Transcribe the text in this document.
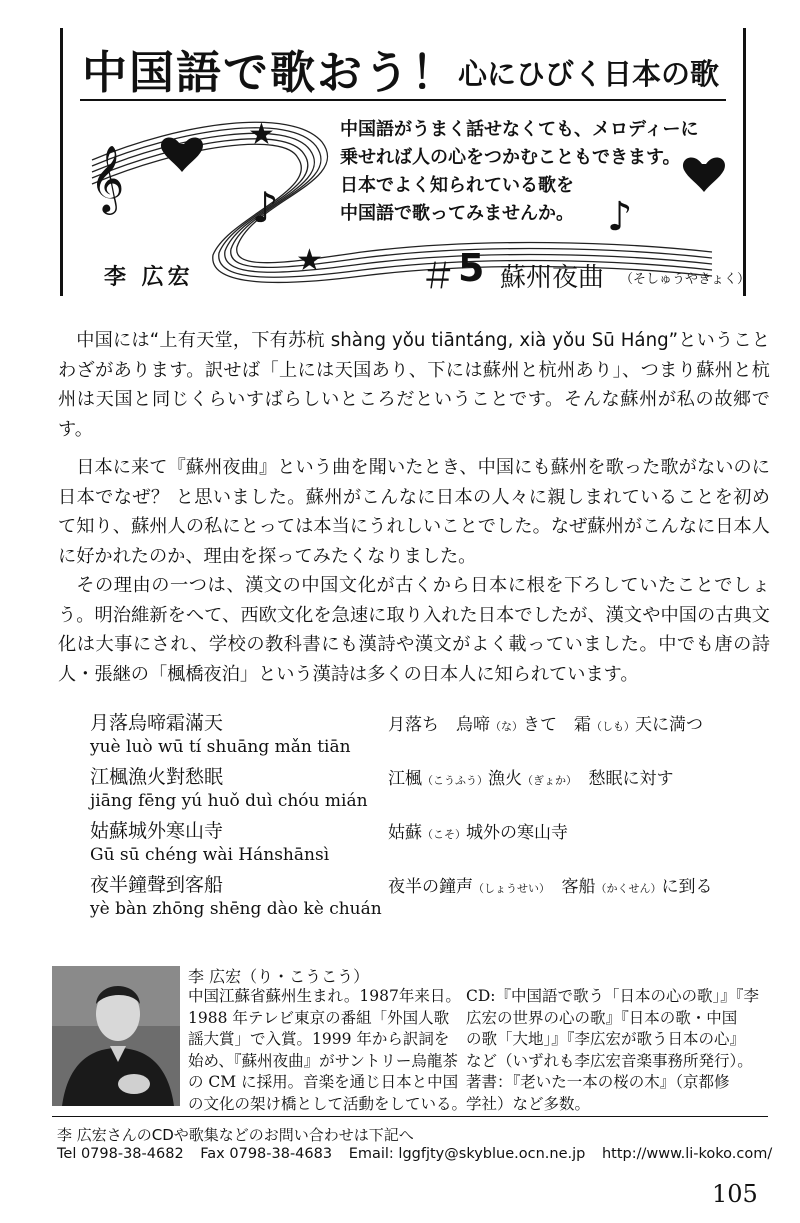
中国語で歌おう！ 心にひびく日本の歌
𝄞
★
♪
★
♪
中国語がうまく話せなくても、メロディーに
乗せれば人の心をつかむこともできます。
日本でよく知られている歌を
中国語で歌ってみませんか。
李 広宏	＃ 5 蘇州夜曲 （そしゅうやきょく）
中国には“上有天堂，下有苏杭 shàng yǒu tiāntáng, xià yǒu Sū Háng”ということわざがあります。訳せば「上には天国あり、下には蘇州と杭州あり」、つまり蘇州と杭州は天国と同じくらいすばらしいところだということです。そんな蘇州が私の故郷です。
日本に来て『蘇州夜曲』という曲を聞いたとき、中国にも蘇州を歌った歌がないのに日本でなぜ？ と思いました。蘇州がこんなに日本の人々に親しまれていることを初めて知り、蘇州人の私にとっては本当にうれしいことでした。なぜ蘇州がこんなに日本人に好かれたのか、理由を探ってみたくなりました。
その理由の一つは、漢文の中国文化が古くから日本に根を下ろしていたことでしょう。明治維新をへて、西欧文化を急速に取り入れた日本でしたが、漢文や中国の古典文化は大事にされ、学校の教科書にも漢詩や漢文がよく載っていました。中でも唐の詩人・張継の「楓橋夜泊」という漢詩は多くの日本人に知られています。
月落烏啼霜滿天
yuè luò wū tí shuāng mǎn tiān
月落ち　烏啼（な）きて　霜（しも）天に満つ
江楓漁火對愁眠
jiāng fēng yú huǒ duì chóu mián
江楓（こうふう）漁火（ぎょか）　愁眠に対す
姑蘇城外寒山寺
Gū sū chéng wài Hánshānsì
姑蘇（こそ）城外の寒山寺
夜半鐘聲到客船
yè bàn zhōng shēng dào kè chuán
夜半の鐘声（しょうせい）　客船（かくせん）に到る
李 広宏（り・こうこう）
中国江蘇省蘇州生まれ。1987年来日。
1988 年テレビ東京の番組「外国人歌
謡大賞」で入賞。1999 年から訳詞を
始め、『蘇州夜曲』がサントリー烏龍茶
の CM に採用。音楽を通じ日本と中国
の文化の架け橋として活動をしている。
CD:『中国語で歌う「日本の心の歌」』『李
広宏の世界の心の歌』『日本の歌・中国
の歌「大地」』『李広宏が歌う日本の心』
など（いずれも李広宏音楽事務所発行）。
著書：『老いた一本の桜の木』（京都修
学社）など多数。
李 広宏さんのCDや歌集などのお問い合わせは下記へ
Tel 0798-38-4682 Fax 0798-38-4683 Email: lggfjty@skyblue.ocn.ne.jp http://www.li-koko.com/
105
